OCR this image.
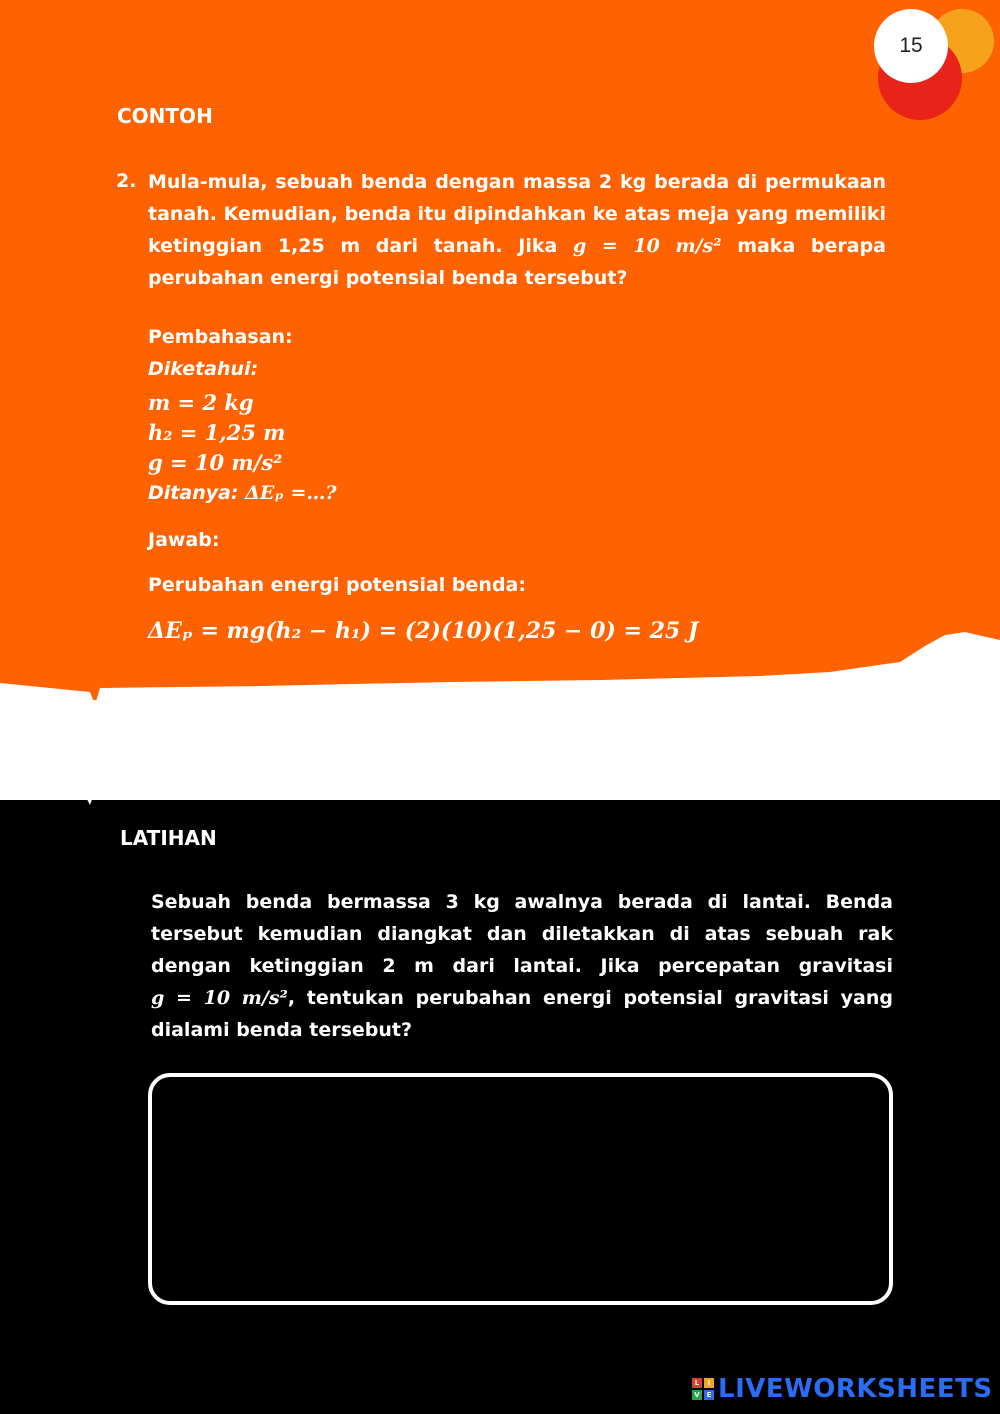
15
CONTOH

2. Mula-mula, sebuah benda dengan massa 2 kg berada di permukaan tanah. Kemudian, benda itu dipindahkan ke atas meja yang memiliki ketinggian 1,25 m dari tanah. Jika g = 10 m/s² maka berapa perubahan energi potensial benda tersebut?

Pembahasan:

Diketahui:

m = 2 kg

h₂ = 1,25 m

g = 10 m/s²

Ditanya: ΔEₚ =…?

Jawab:

Perubahan energi potensial benda:

ΔEₚ = mg(h₂ − h₁) = (2)(10)(1,25 − 0) = 25 J

LATIHAN

Sebuah benda bermassa 3 kg awalnya berada di lantai. Benda tersebut kemudian diangkat dan diletakkan di atas sebuah rak dengan ketinggian 2 m dari lantai. Jika percepatan gravitasi g = 10 m/s², tentukan perubahan energi potensial gravitasi yang dialami benda tersebut?

L	I
V E LIVEWORKSHEETS
